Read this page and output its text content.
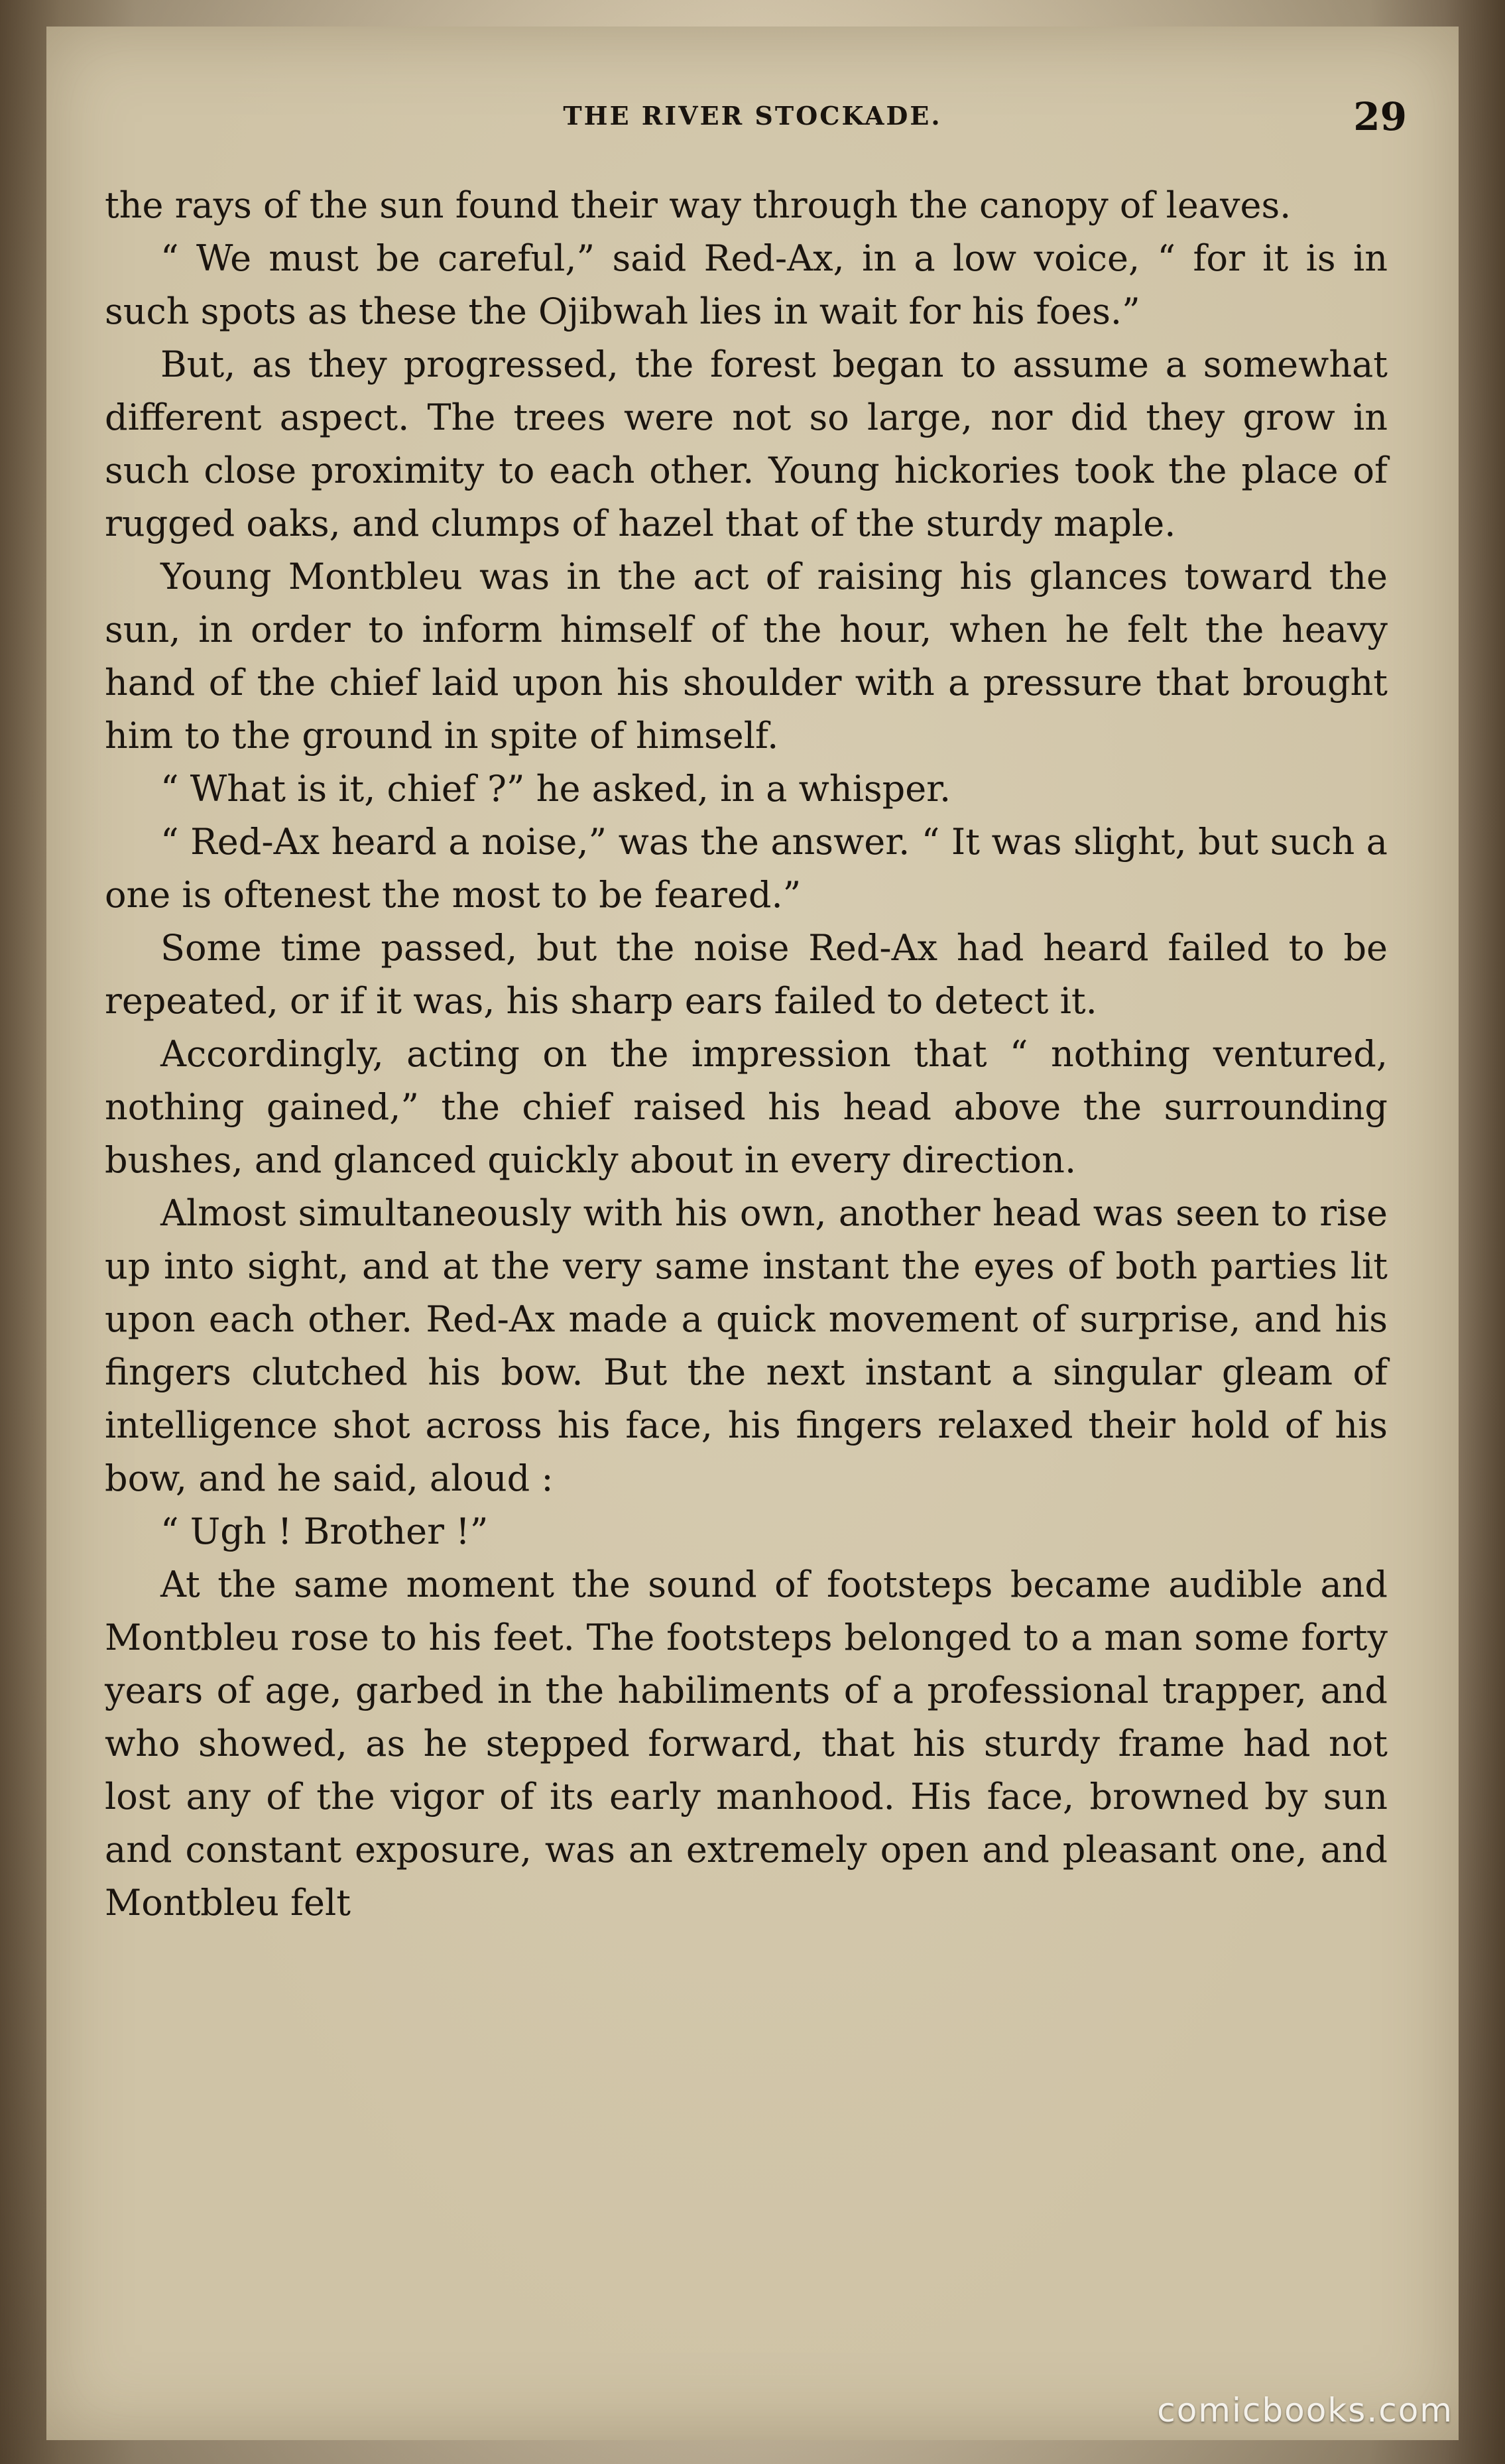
THE RIVER STOCKADE.	29

the rays of the sun found their way through the canopy of leaves.

“ We must be careful,” said Red-Ax, in a low voice, “ for it is in such spots as these the Ojibwah lies in wait for his foes.”

But, as they progressed, the forest began to assume a somewhat different aspect. The trees were not so large, nor did they grow in such close proximity to each other. Young hickories took the place of rugged oaks, and clumps of hazel that of the sturdy maple.

Young Montbleu was in the act of raising his glances toward the sun, in order to inform himself of the hour, when he felt the heavy hand of the chief laid upon his shoulder with a pressure that brought him to the ground in spite of himself.

“ What is it, chief ?” he asked, in a whisper.

“ Red-Ax heard a noise,” was the answer. “ It was slight, but such a one is oftenest the most to be feared.”

Some time passed, but the noise Red-Ax had heard failed to be repeated, or if it was, his sharp ears failed to detect it.

Accordingly, acting on the impression that “ nothing ventured, nothing gained,” the chief raised his head above the surrounding bushes, and glanced quickly about in every direction.

Almost simultaneously with his own, another head was seen to rise up into sight, and at the very same instant the eyes of both parties lit upon each other. Red-Ax made a quick movement of surprise, and his fingers clutched his bow. But the next instant a singular gleam of intelligence shot across his face, his fingers relaxed their hold of his bow, and he said, aloud :

“ Ugh ! Brother !”

At the same moment the sound of footsteps became audible and Montbleu rose to his feet. The footsteps belonged to a man some forty years of age, garbed in the habiliments of a professional trapper, and who showed, as he stepped forward, that his sturdy frame had not lost any of the vigor of its early manhood. His face, browned by sun and constant exposure, was an extremely open and pleasant one, and Montbleu felt

comicbooks.com
